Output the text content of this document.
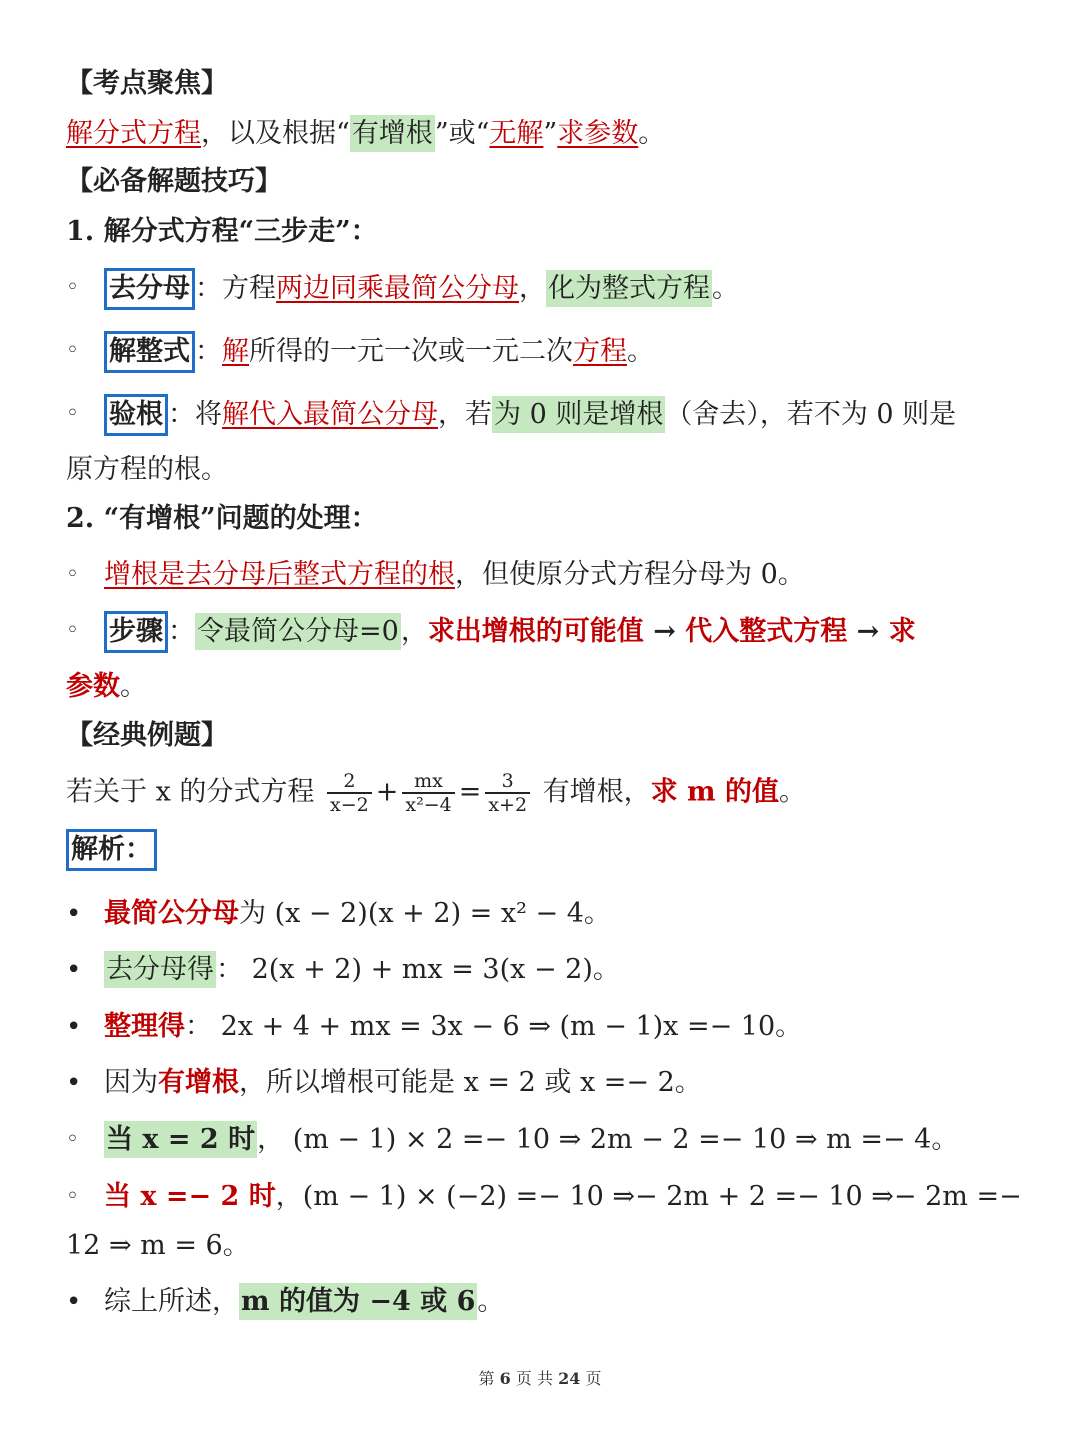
【考点聚焦】
解分式方程，以及根据“有增根”或“无解”求参数。
【必备解题技巧】
1. 解分式方程“三步走”：
◦ 去分母 ：方程两边同乘最简公分母，化为整式方程。
◦ 解整式 ：解所得的一元一次或一元二次方程。
◦ 验根 ：将解代入最简公分母，若为 0 则是增根（舍去），若不为 0 则是
原方程的根。
2. “有增根”问题的处理：
◦ 增根是去分母后整式方程的根，但使原分式方程分母为 0。
◦ 步骤 ：令最简公分母=0，求出增根的可能值 → 代入整式方程 → 求
参数。
【经典例题】
若关于 x 的分式方程 $\frac{2}{x-2} + \frac{mx}{\text{x²−4}} = \frac{3}{x+2}$ 有增根，求 m 的值。
解析：
• 最简公分母为 (x − 2)(x + 2) = x² − 4。
• 去分母得： 2(x + 2) + mx = 3(x − 2)。
• 整理得： 2x + 4 + mx = 3x − 6 ⇒ (m − 1)x =− 10。
• 因为有增根，所以增根可能是 x = 2 或 x =− 2。
◦ 当 x = 2 时， (m − 1) × 2 =− 10 ⇒ 2m − 2 =− 10 ⇒ m =− 4。
◦ 当 x =− 2 时，(m − 1) × (−2) =− 10 ⇒− 2m + 2 =− 10 ⇒− 2m =−
12 ⇒ m = 6。
• 综上所述，m 的值为 −4 或 6。
第 6 页 共 24 页
